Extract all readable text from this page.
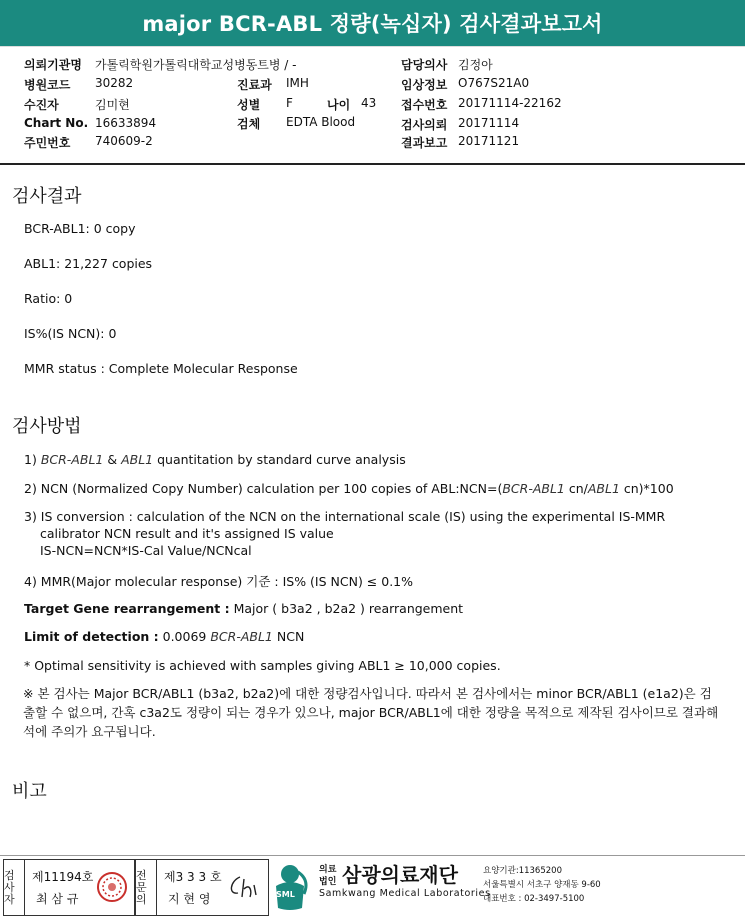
major BCR-ABL 정량(녹십자) 검사결과보고서
의뢰기관명 가톨릭학원가톨릭대학교성병동트병 / -	담당의사 김정아
병원코드 30282	진료과 IMH	임상정보 O767S21A0
수진자	김미현	성별 F	나이 43 접수번호 20171114-22162
Chart No. 16633894	검체 EDTA Blood	검사의뢰 20171114
주민번호 740609-2	결과보고 20171121
검사결과
BCR-ABL1: 0 copy
ABL1: 21,227 copies
Ratio: 0
IS%(IS NCN): 0
MMR status : Complete Molecular Response
검사방법
1) BCR-ABL1 & ABL1 quantitation by standard curve analysis
2) NCN (Normalized Copy Number) calculation per 100 copies of ABL:NCN=(BCR-ABL1 cn/ABL1 cn)*100
3) IS conversion : calculation of the NCN on the international scale (IS) using the experimental IS-MMR
calibrator NCN result and it's assigned IS value
IS-NCN=NCN*IS-Cal Value/NCNcal
4) MMR(Major molecular response) 기준 : IS% (IS NCN) ≤ 0.1%
Target Gene rearrangement : Major ( b3a2 , b2a2 ) rearrangement
Limit of detection : 0.0069 BCR-ABL1 NCN
* Optimal sensitivity is achieved with samples giving ABL1 ≥ 10,000 copies.
※ 본 검사는 Major BCR/ABL1 (b3a2, b2a2)에 대한 정량검사입니다. 따라서 본 검사에서는 minor BCR/ABL1 (e1a2)은 검출할 수 없으며, 간혹 c3a2도 정량이 되는 경우가 있으나, major BCR/ABL1에 대한 정량을 목적으로 제작된 검사이므로 결과해석에 주의가 요구됩니다.
비고
검사자
제11194호
최 삼 규
전문의
제3 3 3 호
지 현 영	SML
의료
법인 삼광의료재단
Samkwang Medical Laboratories
요양기관:11365200
서울특별시 서초구 양재동 9-60
대표번호 : 02-3497-5100
